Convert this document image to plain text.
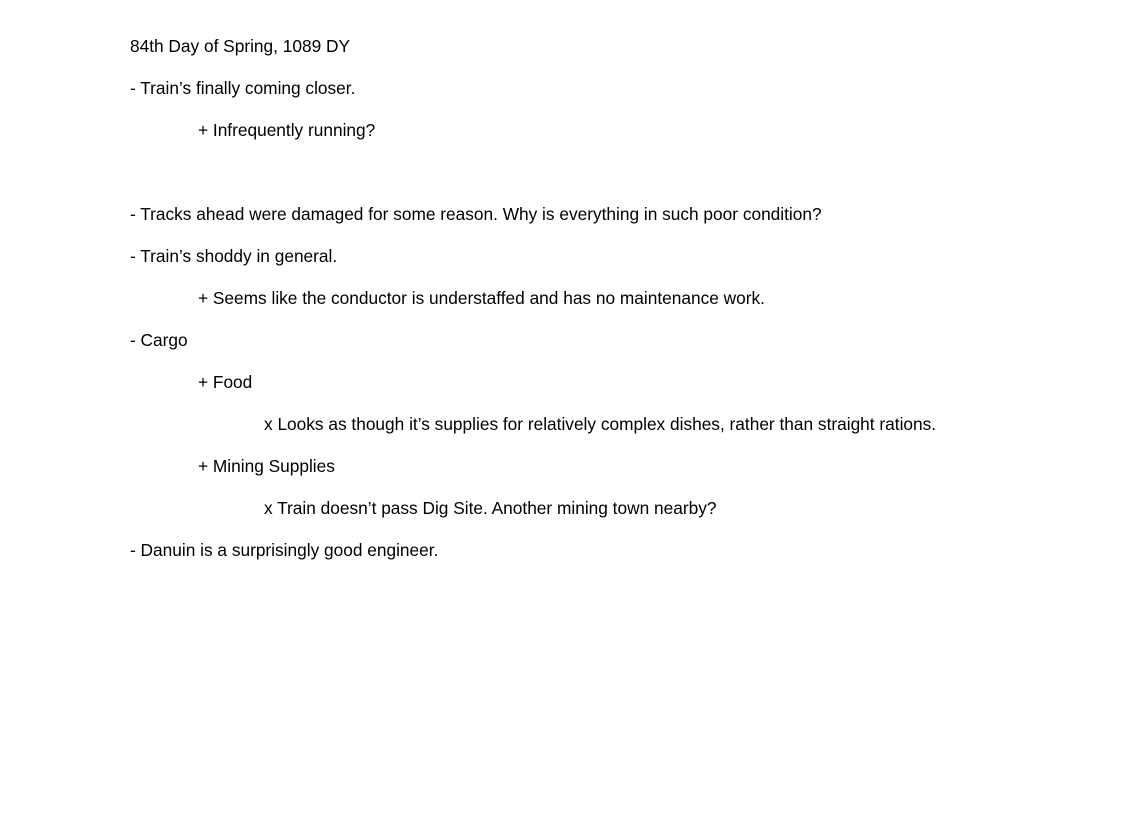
84th Day of Spring, 1089 DY
- Train’s finally coming closer.
+ Infrequently running?
- Tracks ahead were damaged for some reason. Why is everything in such poor condition?
- Train’s shoddy in general.
+ Seems like the conductor is understaffed and has no maintenance work.
- Cargo
+ Food
x Looks as though it’s supplies for relatively complex dishes, rather than straight rations.
+ Mining Supplies
x Train doesn’t pass Dig Site. Another mining town nearby?
- Danuin is a surprisingly good engineer.
